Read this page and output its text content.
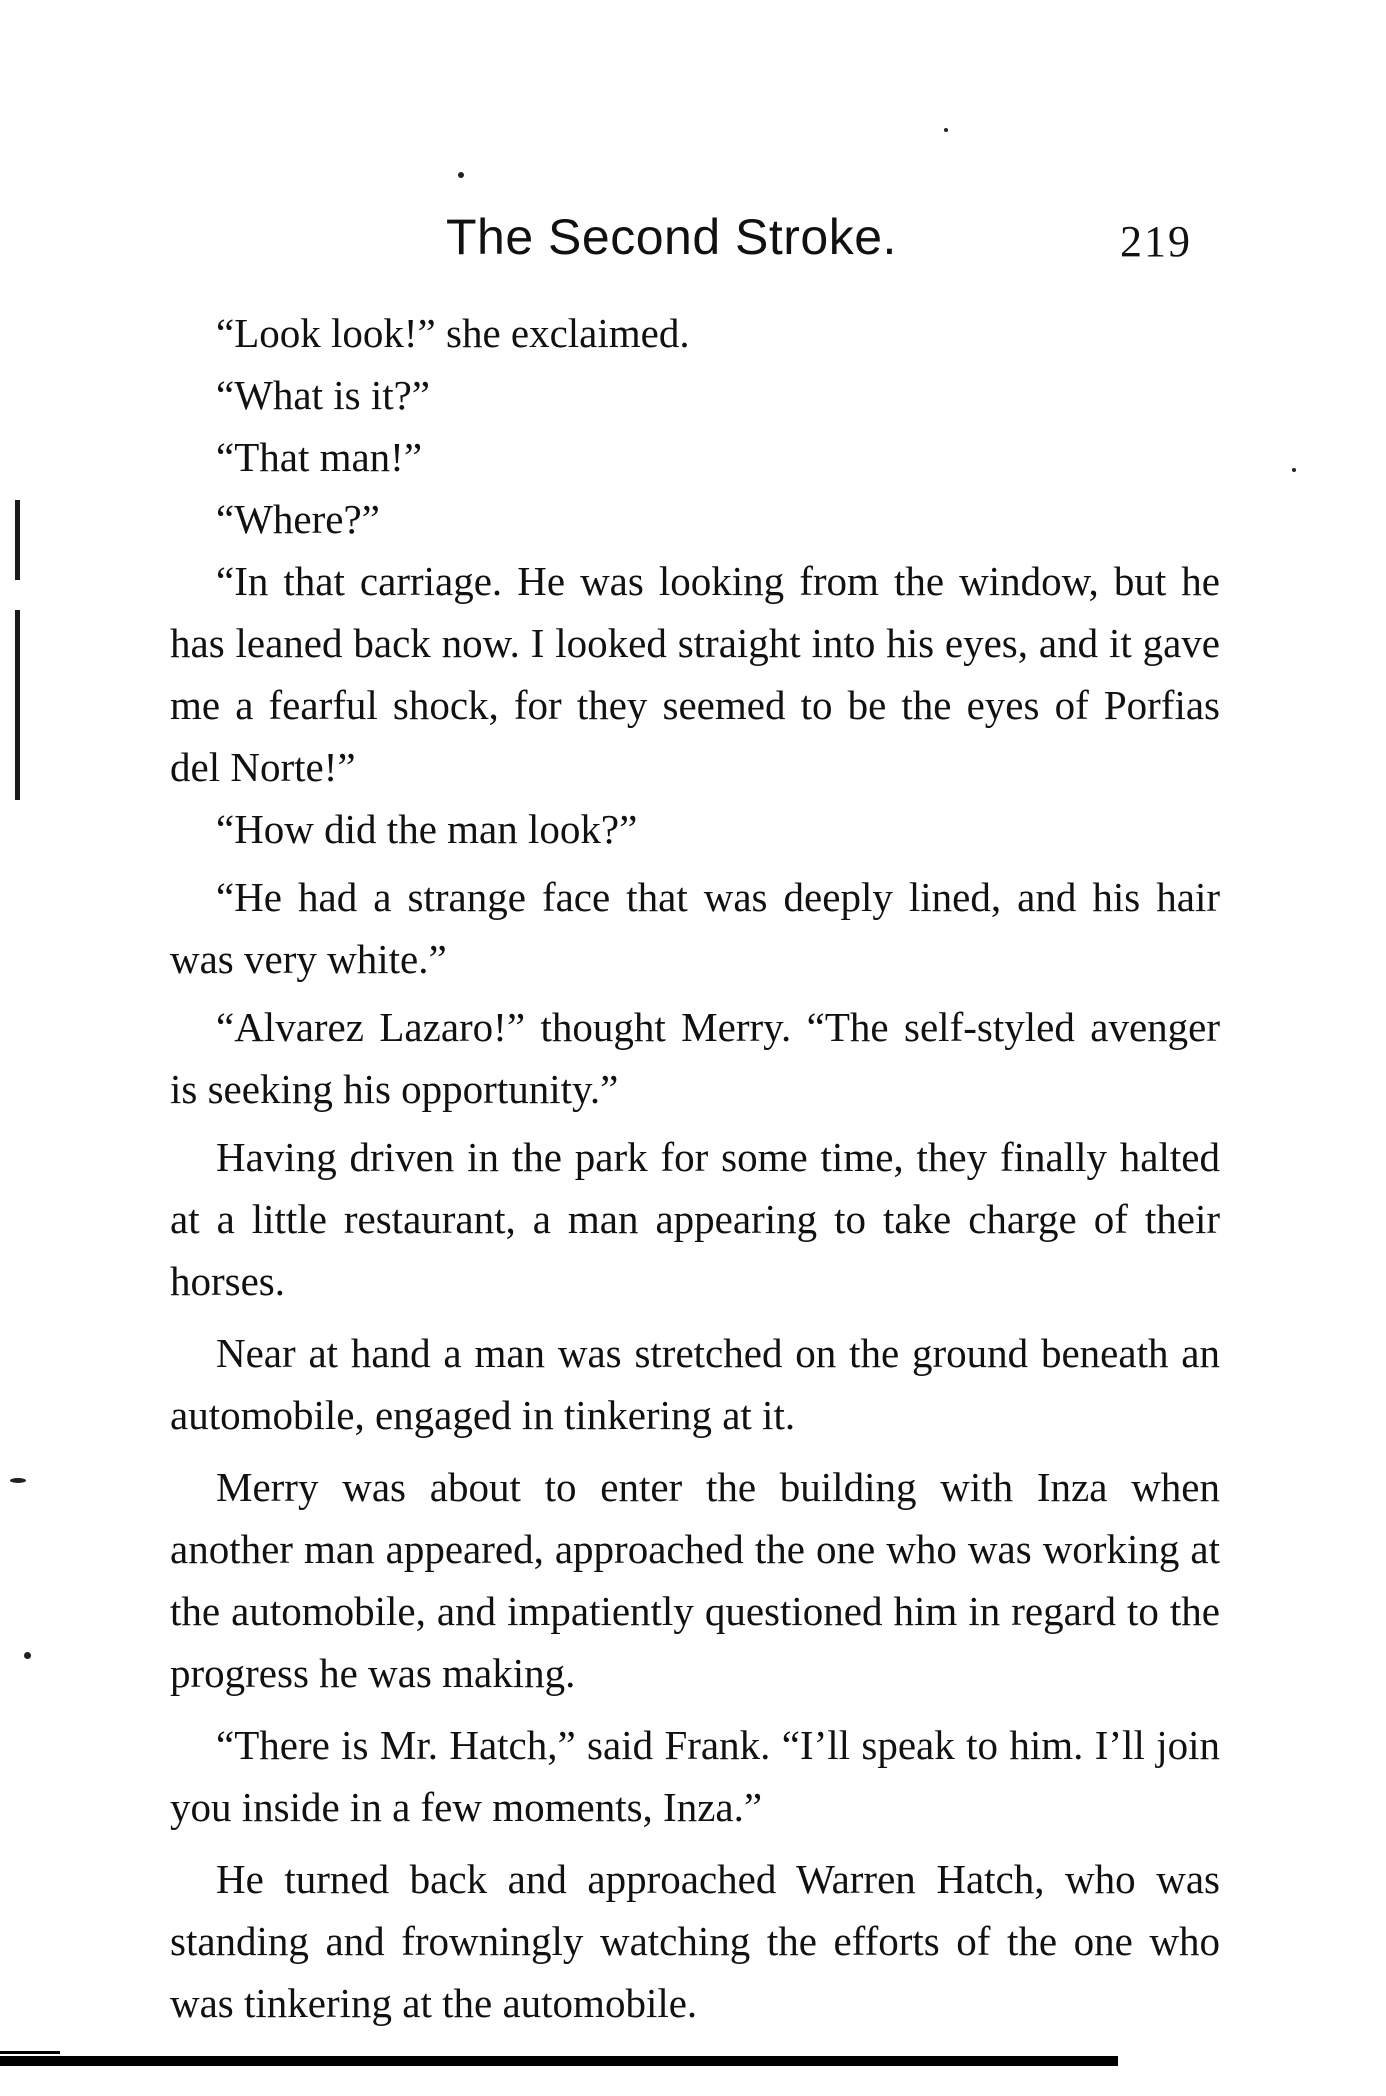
The Second Stroke.	219

“Look look!” she exclaimed.

“What is it?”

“That man!”

“Where?”

“In that carriage. He was looking from the window, but he has leaned back now. I looked straight into his eyes, and it gave me a fearful shock, for they seemed to be the eyes of Porfias del Norte!”

“How did the man look?”

“He had a strange face that was deeply lined, and his hair was very white.”

“Alvarez Lazaro!” thought Merry. “The self-styled avenger is seeking his opportunity.”

Having driven in the park for some time, they finally halted at a little restaurant, a man appearing to take charge of their horses.

Near at hand a man was stretched on the ground beneath an automobile, engaged in tinkering at it.

Merry was about to enter the building with Inza when another man appeared, approached the one who was working at the automobile, and impatiently questioned him in regard to the progress he was making.

“There is Mr. Hatch,” said Frank. “I’ll speak to him. I’ll join you inside in a few moments, Inza.”

He turned back and approached Warren Hatch, who was standing and frowningly watching the efforts of the one who was tinkering at the automobile.
